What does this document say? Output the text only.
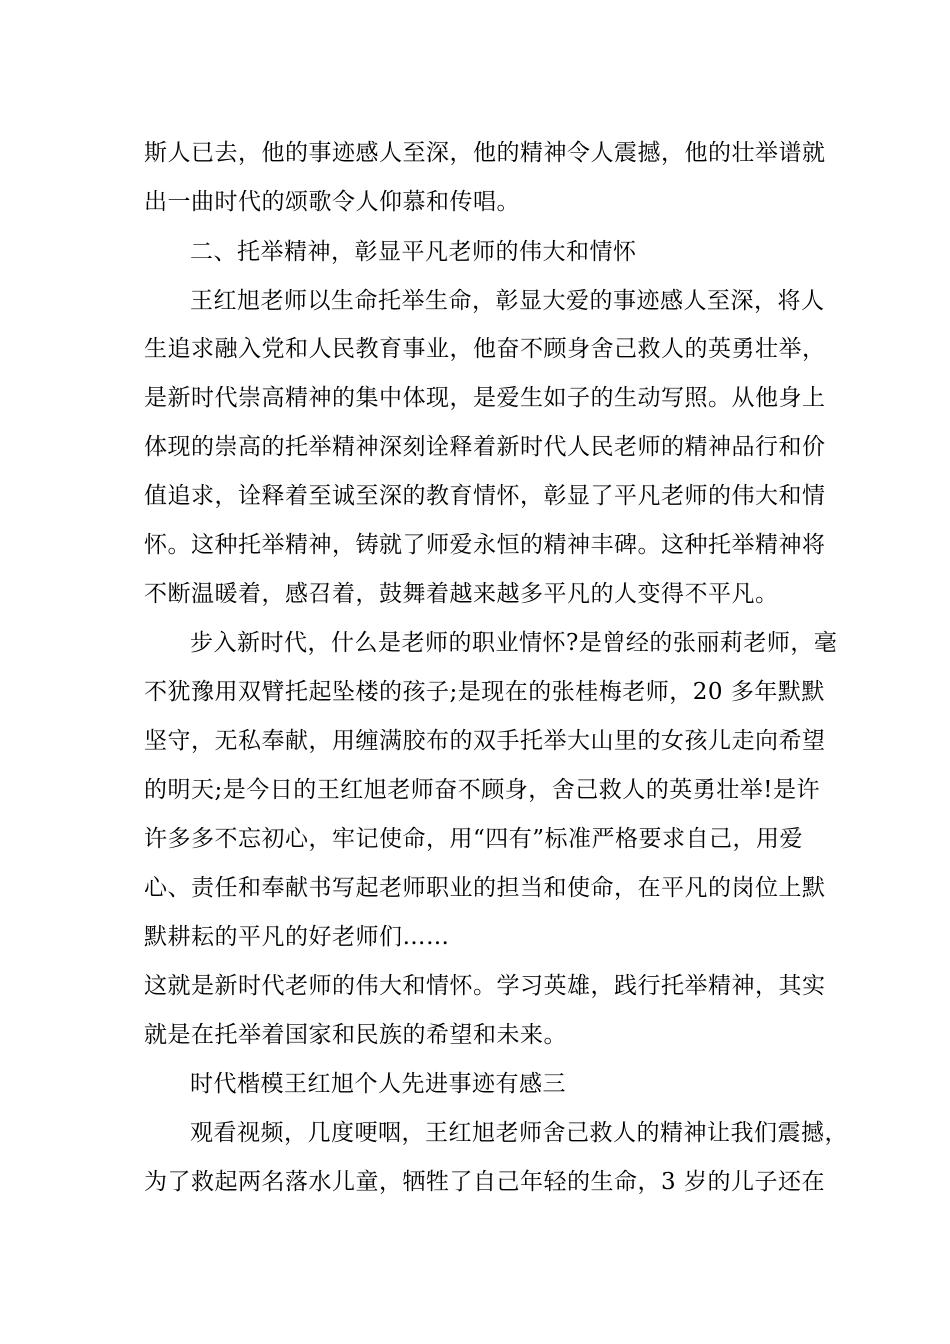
斯人已去，他的事迹感人至深，他的精神令人震撼，他的壮举谱就
出一曲时代的颂歌令人仰慕和传唱。
二、托举精神，彰显平凡老师的伟大和情怀
王红旭老师以生命托举生命，彰显大爱的事迹感人至深，将人
生追求融入党和人民教育事业，他奋不顾身舍己救人的英勇壮举，
是新时代崇高精神的集中体现，是爱生如子的生动写照。从他身上
体现的崇高的托举精神深刻诠释着新时代人民老师的精神品行和价
值追求，诠释着至诚至深的教育情怀，彰显了平凡老师的伟大和情
怀。这种托举精神，铸就了师爱永恒的精神丰碑。这种托举精神将
不断温暖着，感召着，鼓舞着越来越多平凡的人变得不平凡。
步入新时代，什么是老师的职业情怀?是曾经的张丽莉老师，毫
不犹豫用双臂托起坠楼的孩子;是现在的张桂梅老师，20 多年默默
坚守，无私奉献，用缠满胶布的双手托举大山里的女孩儿走向希望
的明天;是今日的王红旭老师奋不顾身，舍己救人的英勇壮举!是许
许多多不忘初心，牢记使命，用“四有”标准严格要求自己，用爱
心、责任和奉献书写起老师职业的担当和使命，在平凡的岗位上默
默耕耘的平凡的好老师们……
这就是新时代老师的伟大和情怀。学习英雄，践行托举精神，其实
就是在托举着国家和民族的希望和未来。
时代楷模王红旭个人先进事迹有感三
观看视频，几度哽咽，王红旭老师舍己救人的精神让我们震撼，
为了救起两名落水儿童，牺牲了自己年轻的生命，3 岁的儿子还在
